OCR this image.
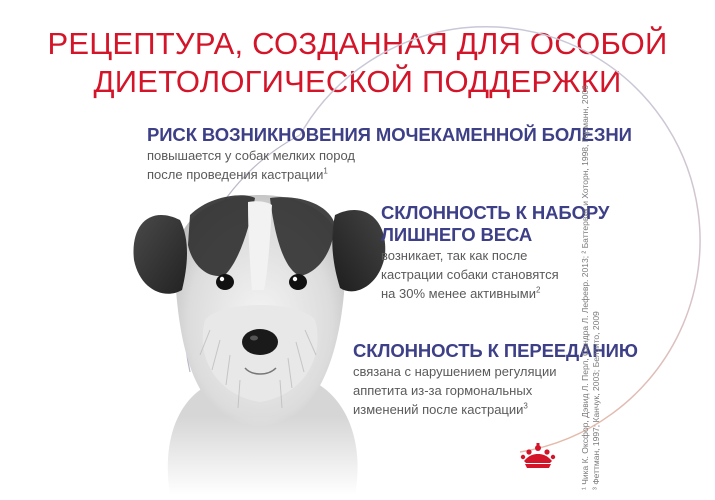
РЕЦЕПТУРА, СОЗДАННАЯ ДЛЯ ОСОБОЙ
ДИЕТОЛОГИЧЕСКОЙ ПОДДЕРЖКИ
РИСК ВОЗНИКНОВЕНИЯ МОЧЕКАМЕННОЙ БОЛЕЗНИ
повышается у собак мелких пород
после проведения кастрации$^1$
СКЛОННОСТЬ К НАБОРУ
ЛИШНЕГО ВЕСА
возникает, так как после
кастрации собаки становятся
на 30% менее активными$^2$
СКЛОННОСТЬ К ПЕРЕЕДАНИЮ
связана с нарушением регуляции
аппетита из-за гормональных
изменений после кастрации$^3$	¹ Чика К. Оксфор, Дэвид Л. Перл, Сандра Л. Лефевр. 2013; ² Баттервик и Хоторн, 1998, Германн, 2006 ³ Феттман, 1997; Канчук, 2003; Белсито, 2009
